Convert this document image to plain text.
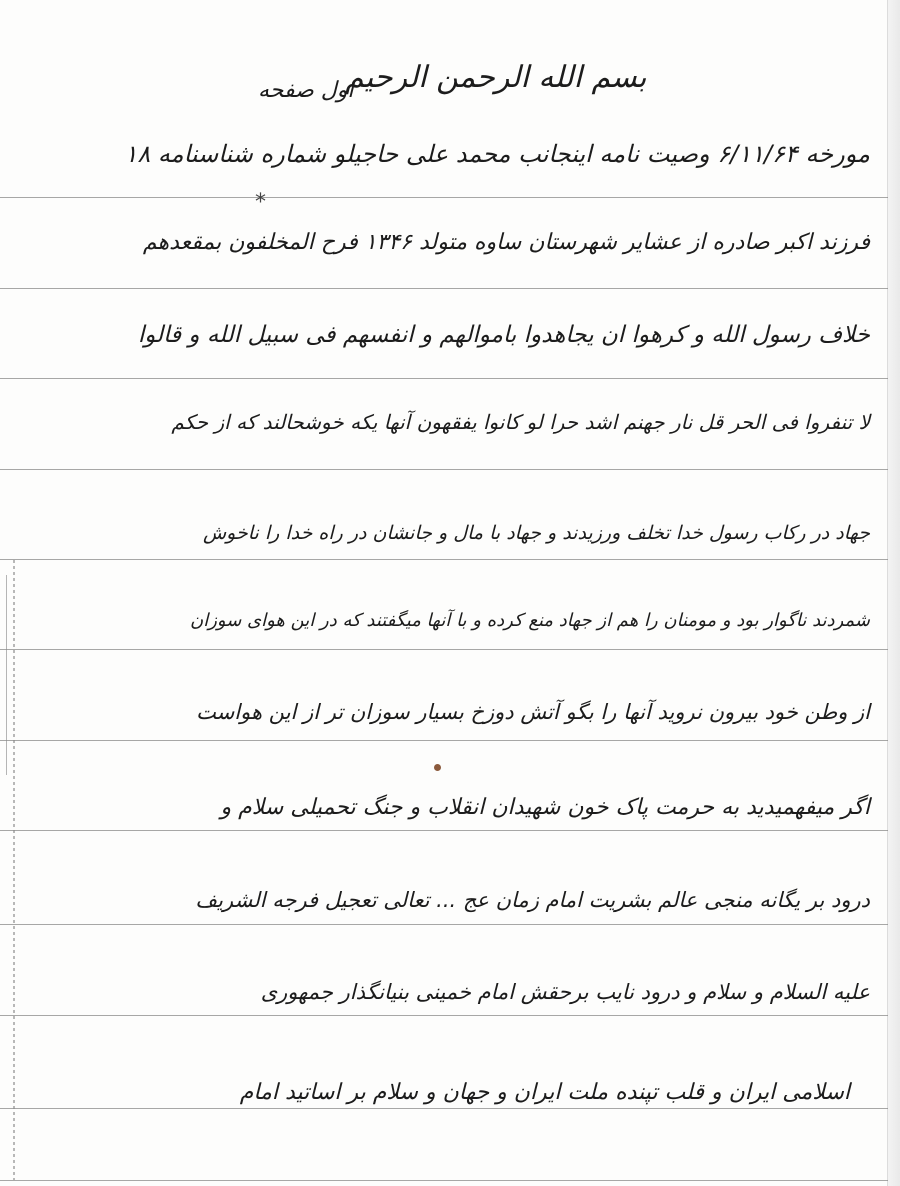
بسم الله الرحمن الرحیم
اول صفحه
مورخه ۶/۱۱/۶۴ وصیت نامه اینجانب محمد علی حاجیلو شماره شناسنامه ۱۸
*
فرزند اکبر صادره از عشایر شهرستان ساوه متولد ۱۳۴۶ فرح المخلفون بمقعدهم
خلاف رسول الله و کرهوا ان یجاهدوا باموالهم و انفسهم فی سبیل الله و قالوا
لا تنفروا فی الحر قل نار جهنم اشد حرا لو کانوا یفقهون آنها یکه خوشحالند که از حکم
جهاد در رکاب رسول خدا تخلف ورزیدند و جهاد با مال و جانشان در راه خدا را ناخوش
شمردند ناگوار بود و مومنان را هم از جهاد منع کرده و با آنها میگفتند که در این هوای سوزان
از وطن خود بیرون نروید آنها را بگو آتش دوزخ بسیار سوزان تر از این هواست
اگر میفهمیدید به حرمت پاک خون شهیدان انقلاب و جنگ تحمیلی سلام و
درود بر یگانه منجی عالم بشریت امام زمان عج ... تعالی تعجیل فرجه الشریف
علیه السلام و سلام و درود نایب برحقش امام خمینی بنیانگذار جمهوری
اسلامی ایران و قلب تپنده ملت ایران و جهان و سلام بر اساتید امام
